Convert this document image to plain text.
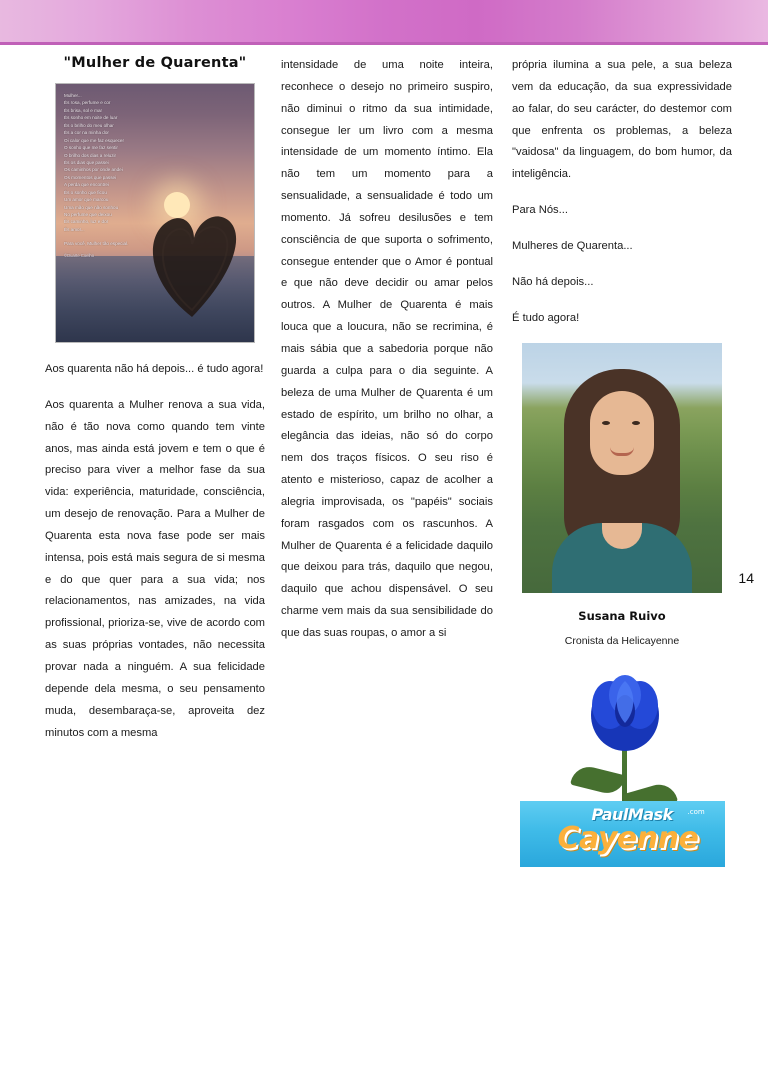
14
"Mulher de Quarenta"
Mulher...
És rosa, perfume e cor
És brisa, sol e mar
És sonho em noite de luar
És o brilho do meu olhar
És a cor na minha dor
Oi calor que me faz esquecer
O sonho que me faz sentir
O brilho dos dias a reluzir
És os dias que passei
Os caminhos por onde andei
Os momentos que passei
A perda que encontrei
És o sonho que ficou
Um amor que marcou
Uma mão que não sonhou
No perfume que deixou
És caminho, luz e dor
És amor...
Para você, Mulher tão especial.
©Duarte Coelho

Aos quarenta não há depois... é tudo agora!

Aos quarenta a Mulher renova a sua vida, não é tão nova como quando tem vinte anos, mas ainda está jovem e tem o que é preciso para viver a melhor fase da sua vida: experiência, maturidade, consciência, um desejo de renovação. Para a Mulher de Quarenta esta nova fase pode ser mais intensa, pois está mais segura de si mesma e do que quer para a sua vida; nos relacionamentos, nas amizades, na vida profissional, prioriza-se, vive de acordo com as suas próprias vontades, não necessita provar nada a ninguém. A sua felicidade depende dela mesma, o seu pensamento muda, desembaraça-se, aproveita dez minutos com a mesma

intensidade de uma noite inteira, reconhece o desejo no primeiro suspiro, não diminui o ritmo da sua intimidade, consegue ler um livro com a mesma intensidade de um momento íntimo. Ela não tem um momento para a sensualidade, a sensualidade é todo um momento. Já sofreu desilusões e tem consciência de que suporta o sofrimento, consegue entender que o Amor é pontual e que não deve decidir ou amar pelos outros. A Mulher de Quarenta é mais louca que a loucura, não se recrimina, é mais sábia que a sabedoria porque não guarda a culpa para o dia seguinte. A beleza de uma Mulher de Quarenta é um estado de espírito, um brilho no olhar, a elegância das ideias, não só do corpo nem dos traços físicos. O seu riso é atento e misterioso, capaz de acolher a alegria improvisada, os "papéis" sociais foram rasgados com os rascunhos. A Mulher de Quarenta é a felicidade daquilo que deixou para trás, daquilo que negou, daquilo que achou dispensável. O seu charme vem mais da sua sensibilidade do que das suas roupas, o amor a si

própria ilumina a sua pele, a sua beleza vem da educação, da sua expressividade ao falar, do seu carácter, do destemor com que enfrenta os problemas, a beleza "vaidosa" da linguagem, do bom humor, da inteligência.

Para Nós...

Mulheres de Quarenta...

Não há depois...

É tudo agora!

Susana Ruivo
Cronista da Helicayenne
PaulMask .com
Cayenne
